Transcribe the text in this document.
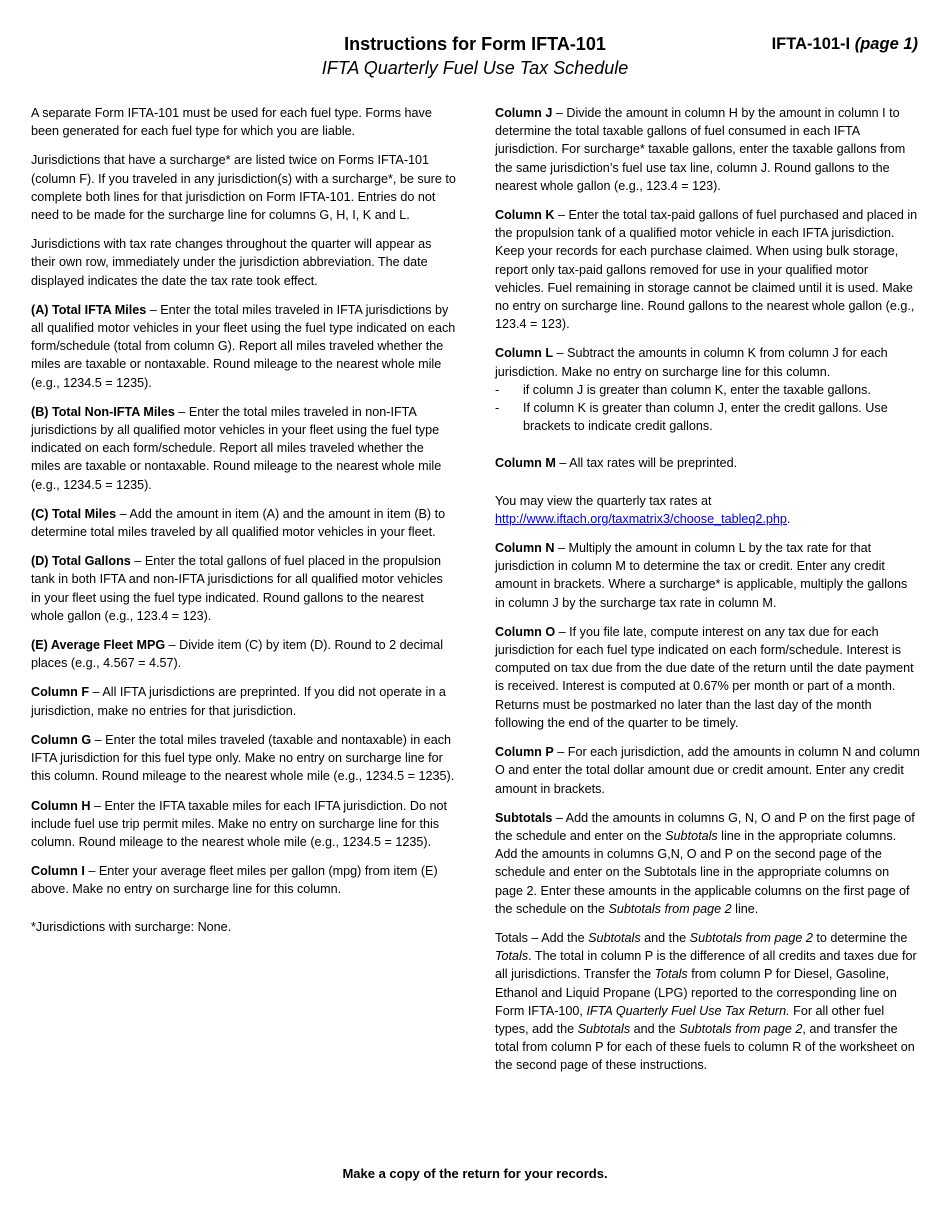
Instructions for Form IFTA-101
IFTA Quarterly Fuel Use Tax Schedule
IFTA-101-I (page 1)

A separate Form IFTA-101 must be used for each fuel type. Forms have been generated for each fuel type for which you are liable.

Jurisdictions that have a surcharge* are listed twice on Forms IFTA-101 (column F). If you traveled in any jurisdiction(s) with a surcharge*, be sure to complete both lines for that jurisdiction on Form IFTA-101. Entries do not need to be made for the surcharge line for columns G, H, I, K and L.

Jurisdictions with tax rate changes throughout the quarter will appear as their own row, immediately under the jurisdiction abbreviation. The date displayed indicates the date the tax rate took effect.

(A) Total IFTA Miles – Enter the total miles traveled in IFTA jurisdictions by all qualified motor vehicles in your fleet using the fuel type indicated on each form/schedule (total from column G). Report all miles traveled whether the miles are taxable or nontaxable. Round mileage to the nearest whole mile (e.g., 1234.5 = 1235).

(B) Total Non-IFTA Miles – Enter the total miles traveled in non-IFTA jurisdictions by all qualified motor vehicles in your fleet using the fuel type indicated on each form/schedule. Report all miles traveled whether the miles are taxable or nontaxable. Round mileage to the nearest whole mile (e.g., 1234.5 = 1235).

(C) Total Miles – Add the amount in item (A) and the amount in item (B) to determine total miles traveled by all qualified motor vehicles in your fleet.

(D) Total Gallons – Enter the total gallons of fuel placed in the propulsion tank in both IFTA and non-IFTA jurisdictions for all qualified motor vehicles in your fleet using the fuel type indicated. Round gallons to the nearest whole gallon (e.g., 123.4 = 123).

(E) Average Fleet MPG – Divide item (C) by item (D). Round to 2 decimal places (e.g., 4.567 = 4.57).

Column F – All IFTA jurisdictions are preprinted. If you did not operate in a jurisdiction, make no entries for that jurisdiction.

Column G – Enter the total miles traveled (taxable and nontaxable) in each IFTA jurisdiction for this fuel type only. Make no entry on surcharge line for this column. Round mileage to the nearest whole mile (e.g., 1234.5 = 1235).

Column H – Enter the IFTA taxable miles for each IFTA jurisdiction. Do not include fuel use trip permit miles. Make no entry on surcharge line for this column. Round mileage to the nearest whole mile (e.g., 1234.5 = 1235).

Column I – Enter your average fleet miles per gallon (mpg) from item (E) above. Make no entry on surcharge line for this column.

*Jurisdictions with surcharge: None.

Column J – Divide the amount in column H by the amount in column I to determine the total taxable gallons of fuel consumed in each IFTA jurisdiction. For surcharge* taxable gallons, enter the taxable gallons from the same jurisdiction’s fuel use tax line, column J. Round gallons to the nearest whole gallon (e.g., 123.4 = 123).

Column K – Enter the total tax-paid gallons of fuel purchased and placed in the propulsion tank of a qualified motor vehicle in each IFTA jurisdiction. Keep your records for each purchase claimed. When using bulk storage, report only tax-paid gallons removed for use in your qualified motor vehicles. Fuel remaining in storage cannot be claimed until it is used. Make no entry on surcharge line. Round gallons to the nearest whole gallon (e.g., 123.4 = 123).

Column L – Subtract the amounts in column K from column J for each jurisdiction. Make no entry on surcharge line for this column.

- if column J is greater than column K, enter the taxable gallons.
- If column K is greater than column J, enter the credit gallons. Use brackets to indicate credit gallons.

Column M – All tax rates will be preprinted.

You may view the quarterly tax rates at
http://www.iftach.org/taxmatrix3/choose_tableq2.php.

Column N – Multiply the amount in column L by the tax rate for that jurisdiction in column M to determine the tax or credit. Enter any credit amount in brackets. Where a surcharge* is applicable, multiply the gallons in column J by the surcharge tax rate in column M.

Column O – If you file late, compute interest on any tax due for each jurisdiction for each fuel type indicated on each form/schedule. Interest is computed on tax due from the due date of the return until the date payment is received. Interest is computed at 0.67% per month or part of a month. Returns must be postmarked no later than the last day of the month following the end of the quarter to be timely.

Column P – For each jurisdiction, add the amounts in column N and column O and enter the total dollar amount due or credit amount. Enter any credit amount in brackets.

Subtotals – Add the amounts in columns G, N, O and P on the first page of the schedule and enter on the Subtotals line in the appropriate columns. Add the amounts in columns G,N, O and P on the second page of the schedule and enter on the Subtotals line in the appropriate columns on page 2. Enter these amounts in the applicable columns on the first page of the schedule on the Subtotals from page 2 line.

Totals – Add the Subtotals and the Subtotals from page 2 to determine the Totals. The total in column P is the difference of all credits and taxes due for all jurisdictions. Transfer the Totals from column P for Diesel, Gasoline, Ethanol and Liquid Propane (LPG) reported to the corresponding line on Form IFTA-100, IFTA Quarterly Fuel Use Tax Return. For all other fuel types, add the Subtotals and the Subtotals from page 2, and transfer the total from column P for each of these fuels to column R of the worksheet on the second page of these instructions.

Make a copy of the return for your records.
